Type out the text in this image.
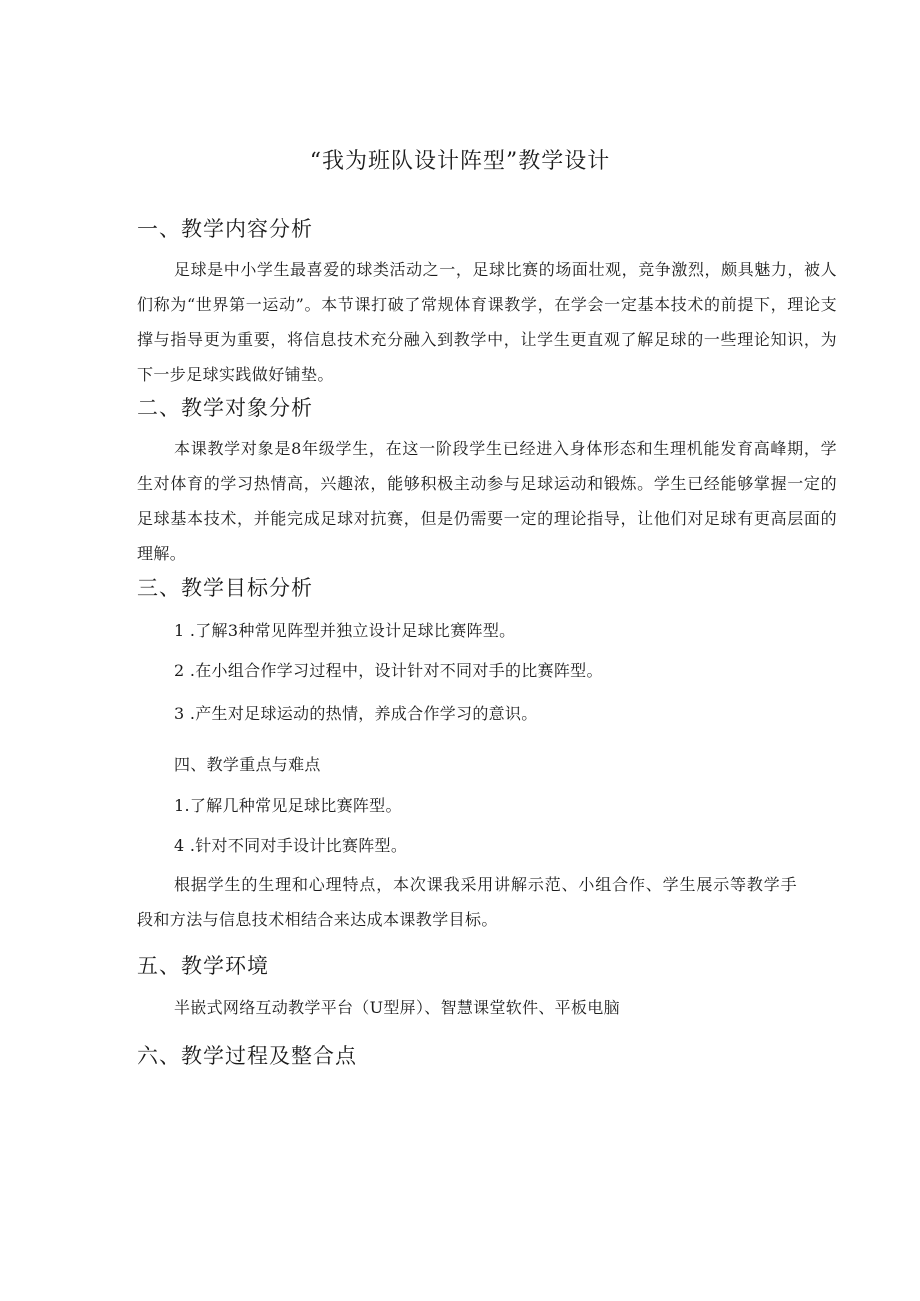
“我为班队设计阵型”教学设计
一、教学内容分析
足球是中小学生最喜爱的球类活动之一，足球比赛的场面壮观，竞争激烈，颇具魅力，被人们称为“世界第一运动”。本节课打破了常规体育课教学，在学会一定基本技术的前提下，理论支撑与指导更为重要，将信息技术充分融入到教学中，让学生更直观了解足球的一些理论知识，为下一步足球实践做好铺垫。
二、教学对象分析
本课教学对象是8年级学生，在这一阶段学生已经进入身体形态和生理机能发育高峰期，学生对体育的学习热情高，兴趣浓，能够积极主动参与足球运动和锻炼。学生已经能够掌握一定的足球基本技术，并能完成足球对抗赛，但是仍需要一定的理论指导，让他们对足球有更高层面的理解。
三、教学目标分析
1 .了解3种常见阵型并独立设计足球比赛阵型。
2 .在小组合作学习过程中，设计针对不同对手的比赛阵型。
3 .产生对足球运动的热情，养成合作学习的意识。
四、教学重点与难点
1.了解几种常见足球比赛阵型。
4 .针对不同对手设计比赛阵型。
根据学生的生理和心理特点，本次课我采用讲解示范、小组合作、学生展示等教学手段和方法与信息技术相结合来达成本课教学目标。
五、教学环境
半嵌式网络互动教学平台（U型屏）、智慧课堂软件、平板电脑
六、教学过程及整合点
